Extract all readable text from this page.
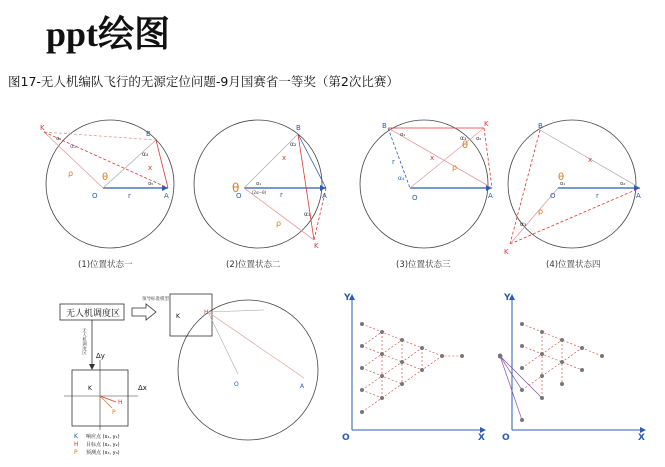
ppt绘图
图17-无人机编队飞行的无源定位问题-9月国赛省一等奖（第2次比赛）
K
B
O	A
θ
ρ
x
r
α₂
α₁
α₄
α₅
(1)位置状态一
B
O	A
K
θ
ρ
x
r
α₂
α₁
(2α−θ)
α₃
(2)位置状态二
B	K
O	A
θ
ρ
x
r
α₄
α₃
α₁
α₂
(3)位置状态三
B
O	A
K
θ
ρ
x
r
α₃
α₁	α₂
(4)位置状态四
无人机调度区
领导标准模型
无人机调度区
Δy
Δx
K
H
P
K 响应点 (x₁, y₁)
H 目标点 (x₂, y₂)
P 预测点 (x₃, y₃)
K
H
O	A
Y
X
O
Y
X
O
